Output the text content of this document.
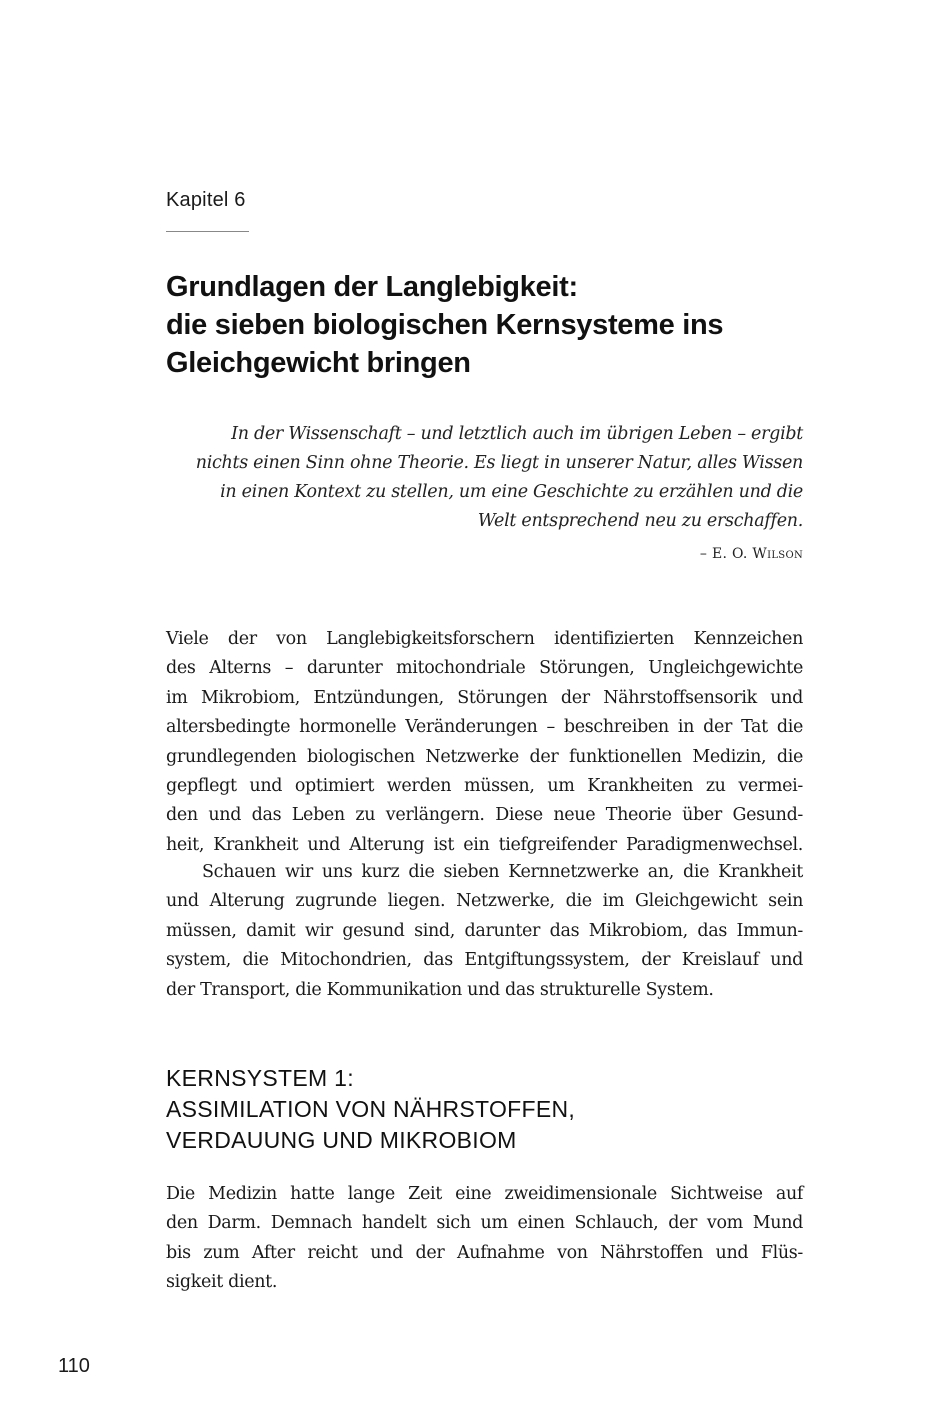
Kapitel 6
Grundlagen der Langlebigkeit:
die sieben biologischen Kernsysteme ins
Gleichgewicht bringen
In der Wissenschaft – und letztlich auch im übrigen Leben – ergibt
nichts einen Sinn ohne Theorie. Es liegt in unserer Natur, alles Wissen
in einen Kontext zu stellen, um eine Geschichte zu erzählen und die
Welt entsprechend neu zu erschaffen.
– E. O. Wilson
Viele der von Langlebigkeitsforschern identifizierten Kennzeichen
des Alterns – darunter mitochondriale Störungen, Ungleichgewichte
im Mikrobiom, Entzündungen, Störungen der Nährstoffsensorik und
altersbedingte hormonelle Veränderungen – beschreiben in der Tat die
grundlegenden biologischen Netzwerke der funktionellen Medizin, die
gepflegt und optimiert werden müssen, um Krankheiten zu vermei-
den und das Leben zu verlängern. Diese neue Theorie über Gesund-
heit, Krankheit und Alterung ist ein tiefgreifender Paradigmenwechsel.
Schauen wir uns kurz die sieben Kernnetzwerke an, die Krankheit
und Alterung zugrunde liegen. Netzwerke, die im Gleichgewicht sein
müssen, damit wir gesund sind, darunter das Mikrobiom, das Immun-
system, die Mitochondrien, das Entgiftungssystem, der Kreislauf und
der Transport, die Kommunikation und das strukturelle System.
KERNSYSTEM 1:
ASSIMILATION VON NÄHRSTOFFEN,
VERDAUUNG UND MIKROBIOM
Die Medizin hatte lange Zeit eine zweidimensionale Sichtweise auf
den Darm. Demnach handelt sich um einen Schlauch, der vom Mund
bis zum After reicht und der Aufnahme von Nährstoffen und Flüs-
sigkeit dient.
110
